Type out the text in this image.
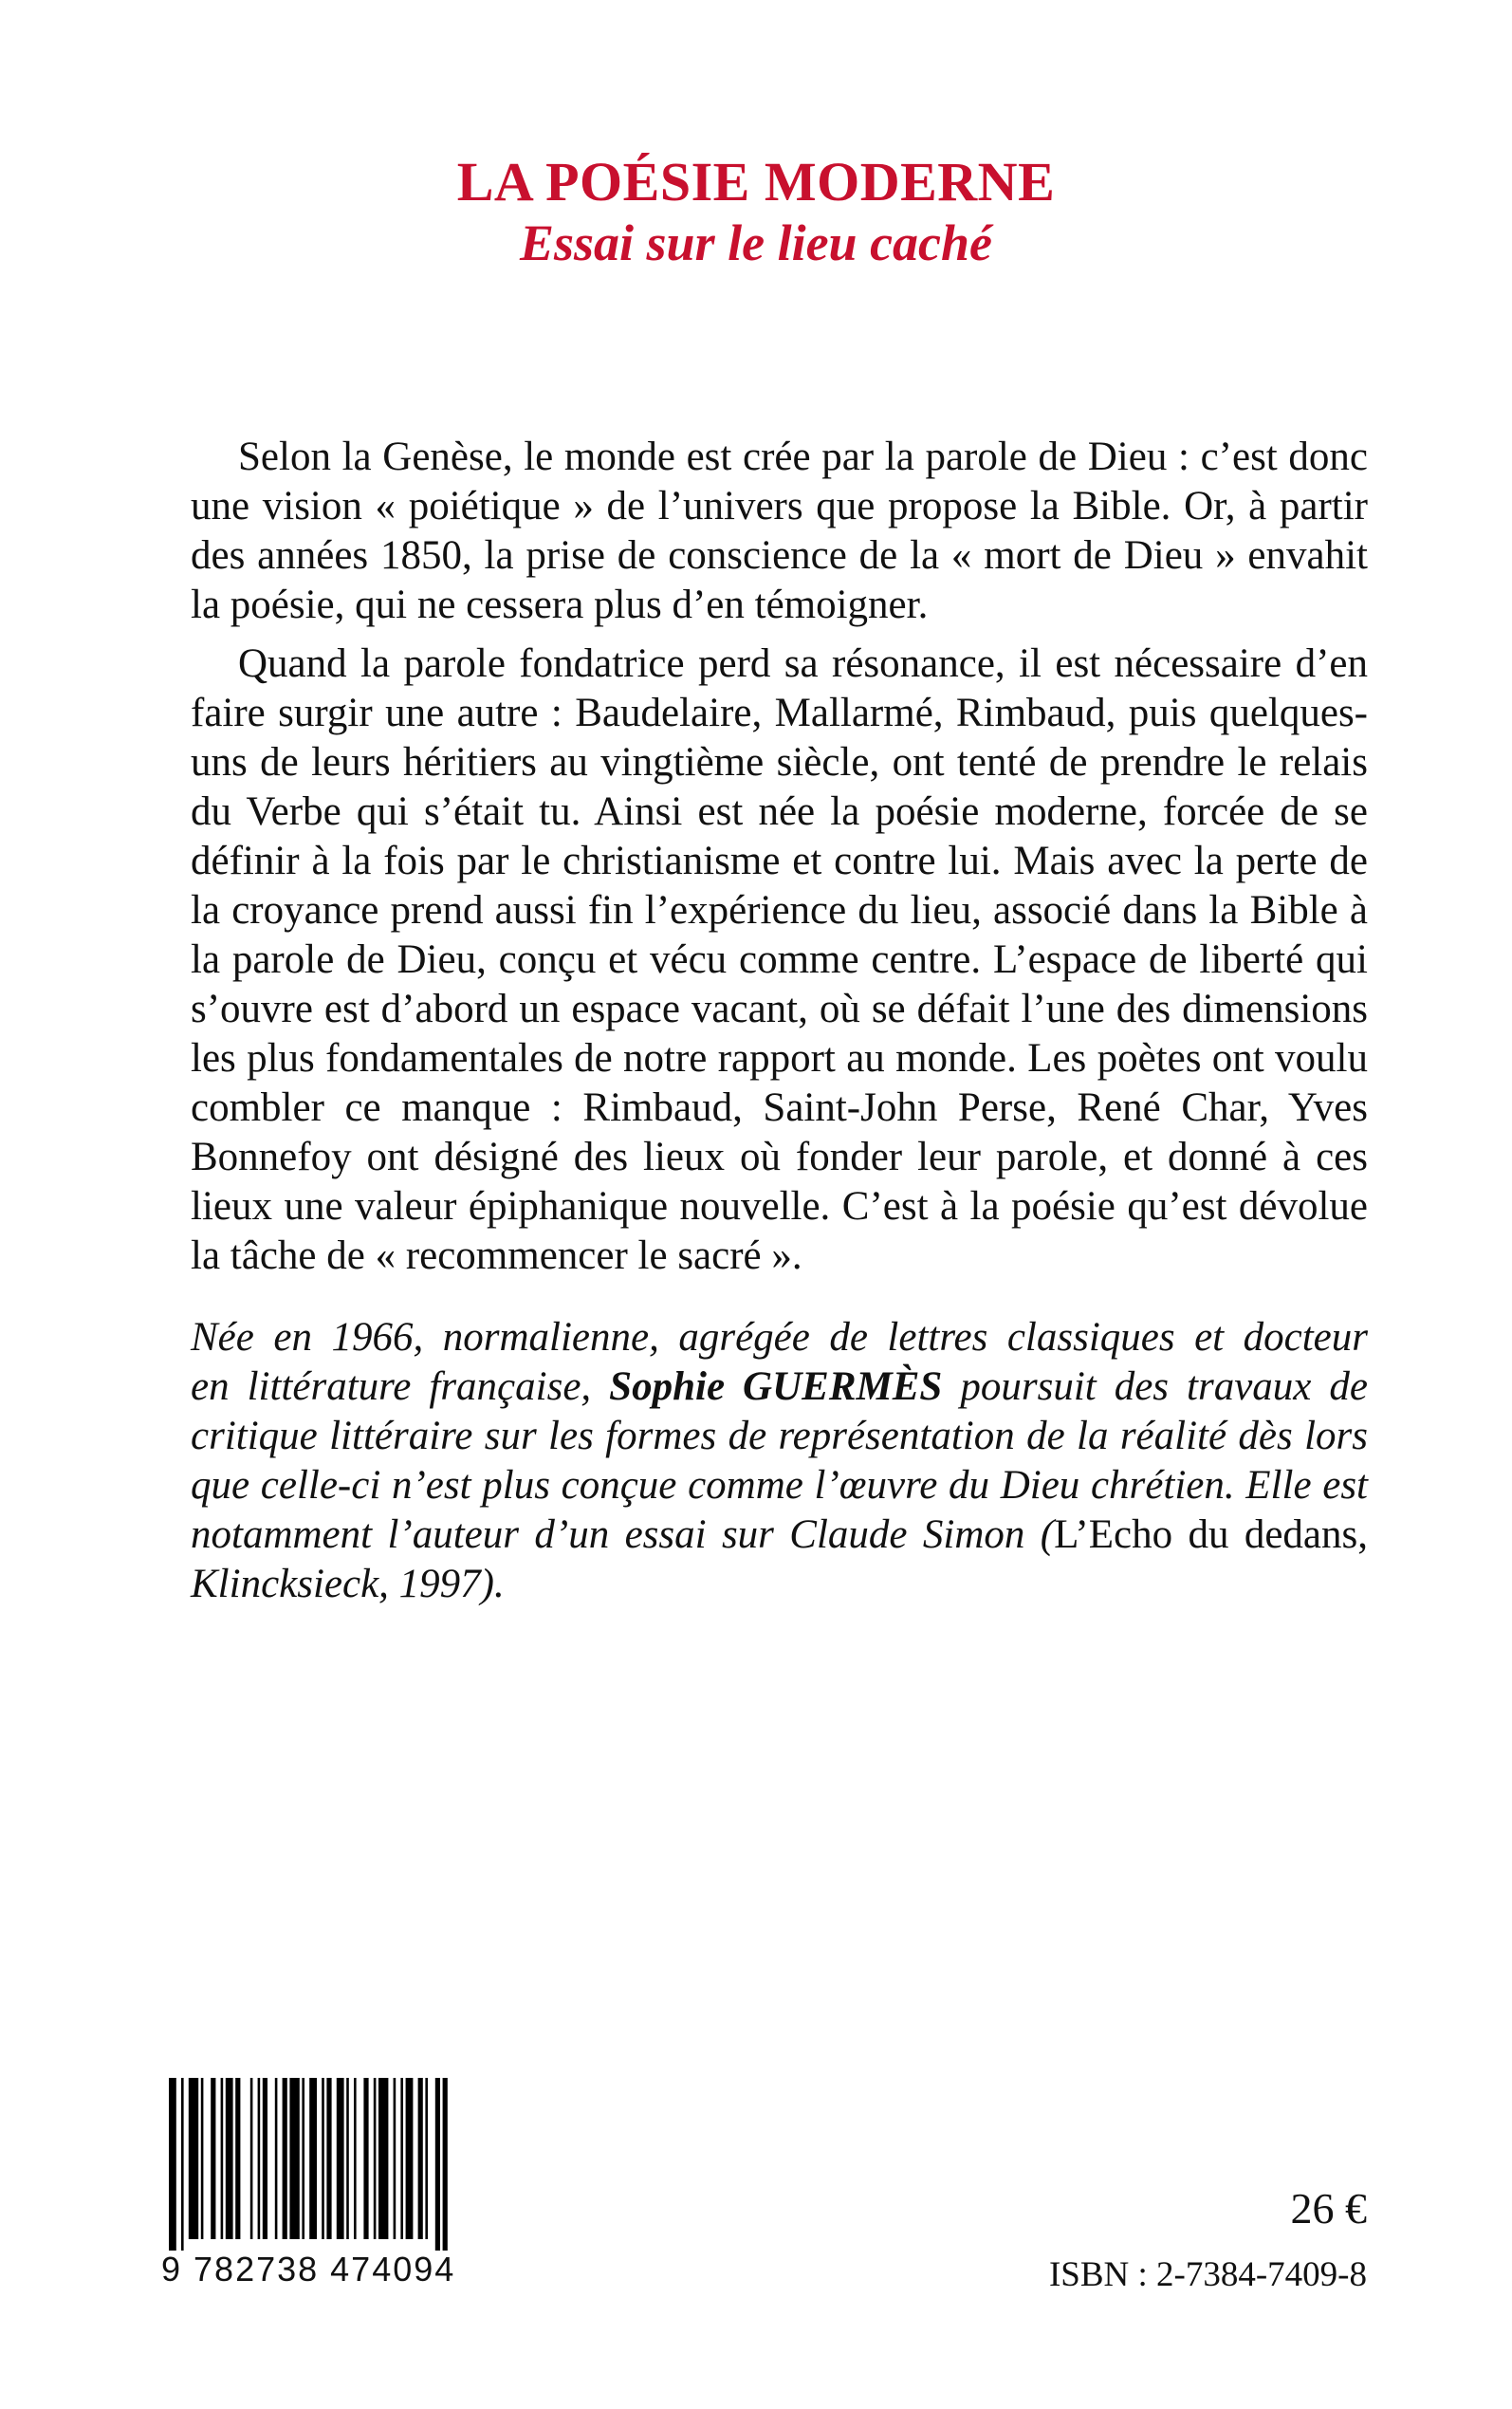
LA POÉSIE MODERNE
Essai sur le lieu caché

Selon la Genèse, le monde est crée par la parole de Dieu : c’est donc
une vision « poiétique » de l’univers que propose la Bible. Or, à partir
des années 1850, la prise de conscience de la « mort de Dieu » envahit
la poésie, qui ne cessera plus d’en témoigner.

Quand la parole fondatrice perd sa résonance, il est nécessaire d’en
faire surgir une autre : Baudelaire, Mallarmé, Rimbaud, puis quelques-
uns de leurs héritiers au vingtième siècle, ont tenté de prendre le relais
du Verbe qui s’était tu. Ainsi est née la poésie moderne, forcée de se
définir à la fois par le christianisme et contre lui. Mais avec la perte de
la croyance prend aussi fin l’expérience du lieu, associé dans la Bible à
la parole de Dieu, conçu et vécu comme centre. L’espace de liberté qui
s’ouvre est d’abord un espace vacant, où se défait l’une des dimensions
les plus fondamentales de notre rapport au monde. Les poètes ont voulu
combler ce manque : Rimbaud, Saint-John Perse, René Char, Yves
Bonnefoy ont désigné des lieux où fonder leur parole, et donné à ces
lieux une valeur épiphanique nouvelle. C’est à la poésie qu’est dévolue
la tâche de « recommencer le sacré ».

Née en 1966, normalienne, agrégée de lettres classiques et docteur
en littérature française, Sophie GUERMÈS poursuit des travaux de
critique littéraire sur les formes de représentation de la réalité dès lors
que celle-ci n’est plus conçue comme l’œuvre du Dieu chrétien. Elle est
notamment l’auteur d’un essai sur Claude Simon (L’Echo du dedans,
Klincksieck, 1997).
9 782738 474094
26 €
ISBN : 2-7384-7409-8
